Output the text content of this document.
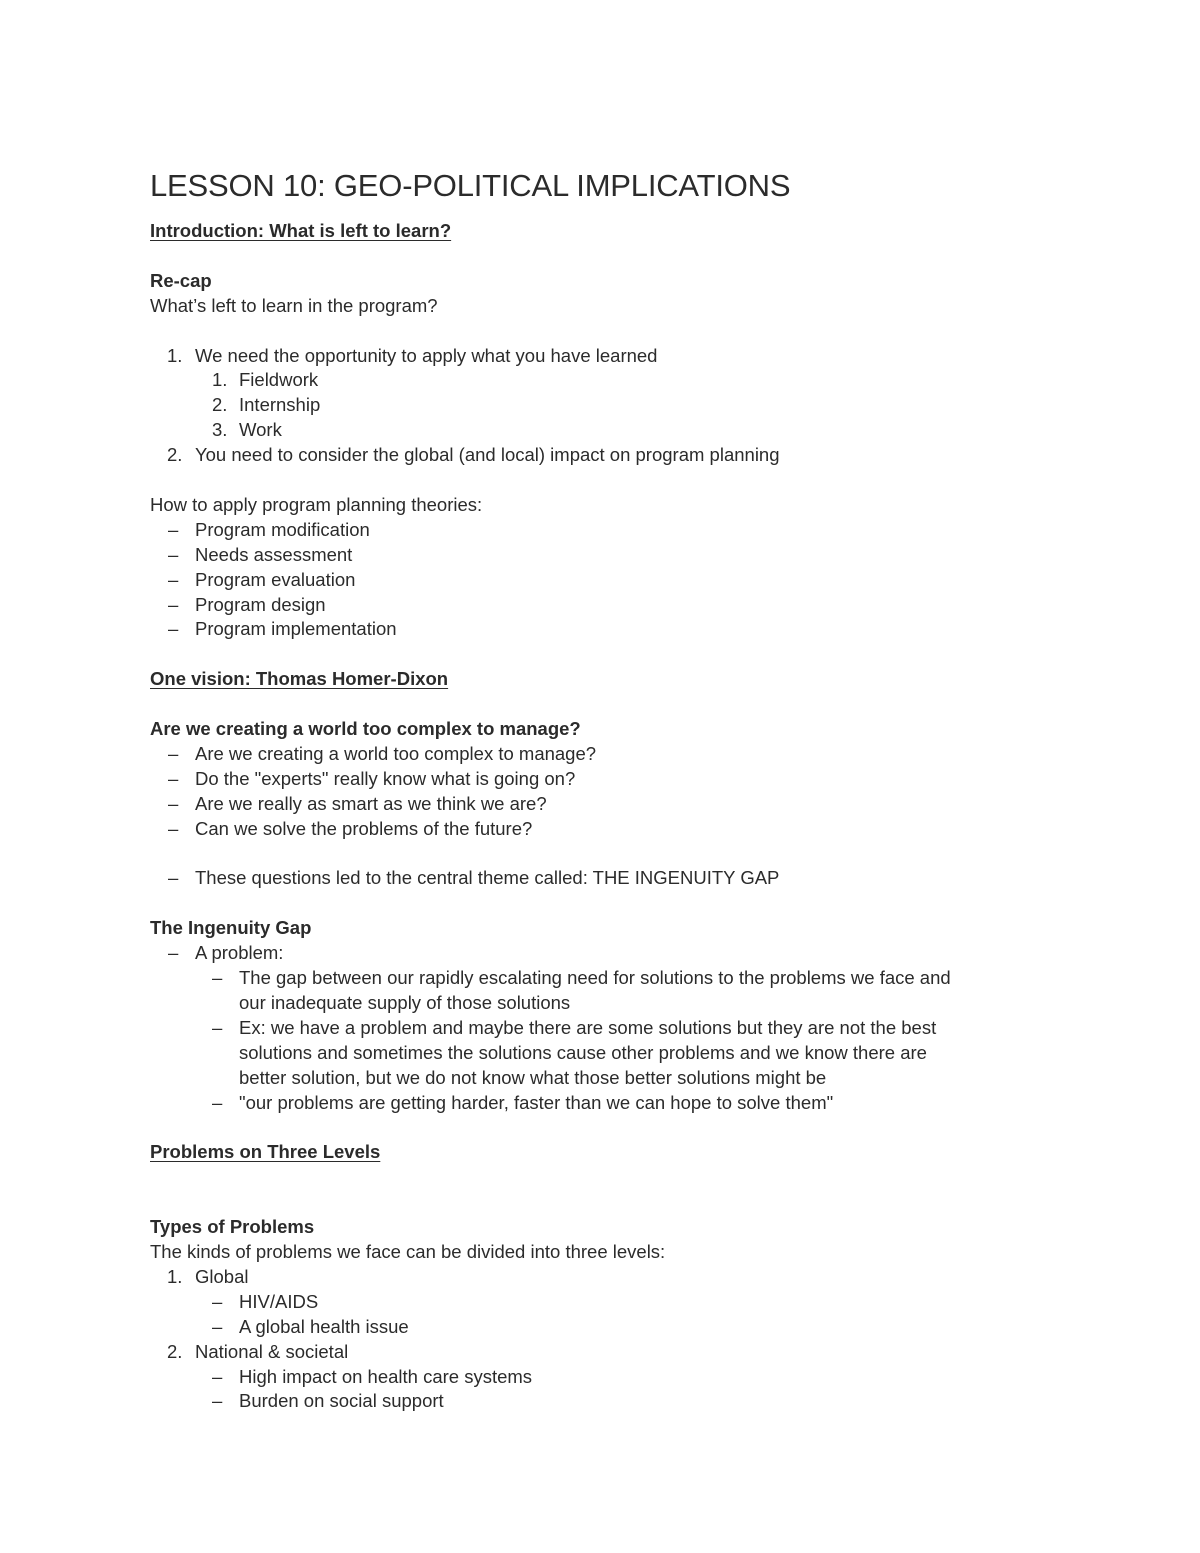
LESSON 10: GEO-POLITICAL IMPLICATIONS
Introduction: What is left to learn?
Re-cap
What’s left to learn in the program?
1. We need the opportunity to apply what you have learned
1. Fieldwork
2. Internship
3. Work
2. You need to consider the global (and local) impact on program planning
How to apply program planning theories:
– Program modification
– Needs assessment
– Program evaluation
– Program design
– Program implementation
One vision: Thomas Homer-Dixon
Are we creating a world too complex to manage?
– Are we creating a world too complex to manage?
– Do the "experts" really know what is going on?
– Are we really as smart as we think we are?
– Can we solve the problems of the future?
– These questions led to the central theme called: THE INGENUITY GAP
The Ingenuity Gap
– A problem:
– The gap between our rapidly escalating need for solutions to the problems we face and
our inadequate supply of those solutions
– Ex: we have a problem and maybe there are some solutions but they are not the best
solutions and sometimes the solutions cause other problems and we know there are
better solution, but we do not know what those better solutions might be
– "our problems are getting harder, faster than we can hope to solve them"
Problems on Three Levels
Types of Problems
The kinds of problems we face can be divided into three levels:
1. Global
– HIV/AIDS
– A global health issue
2. National & societal
– High impact on health care systems
– Burden on social support
